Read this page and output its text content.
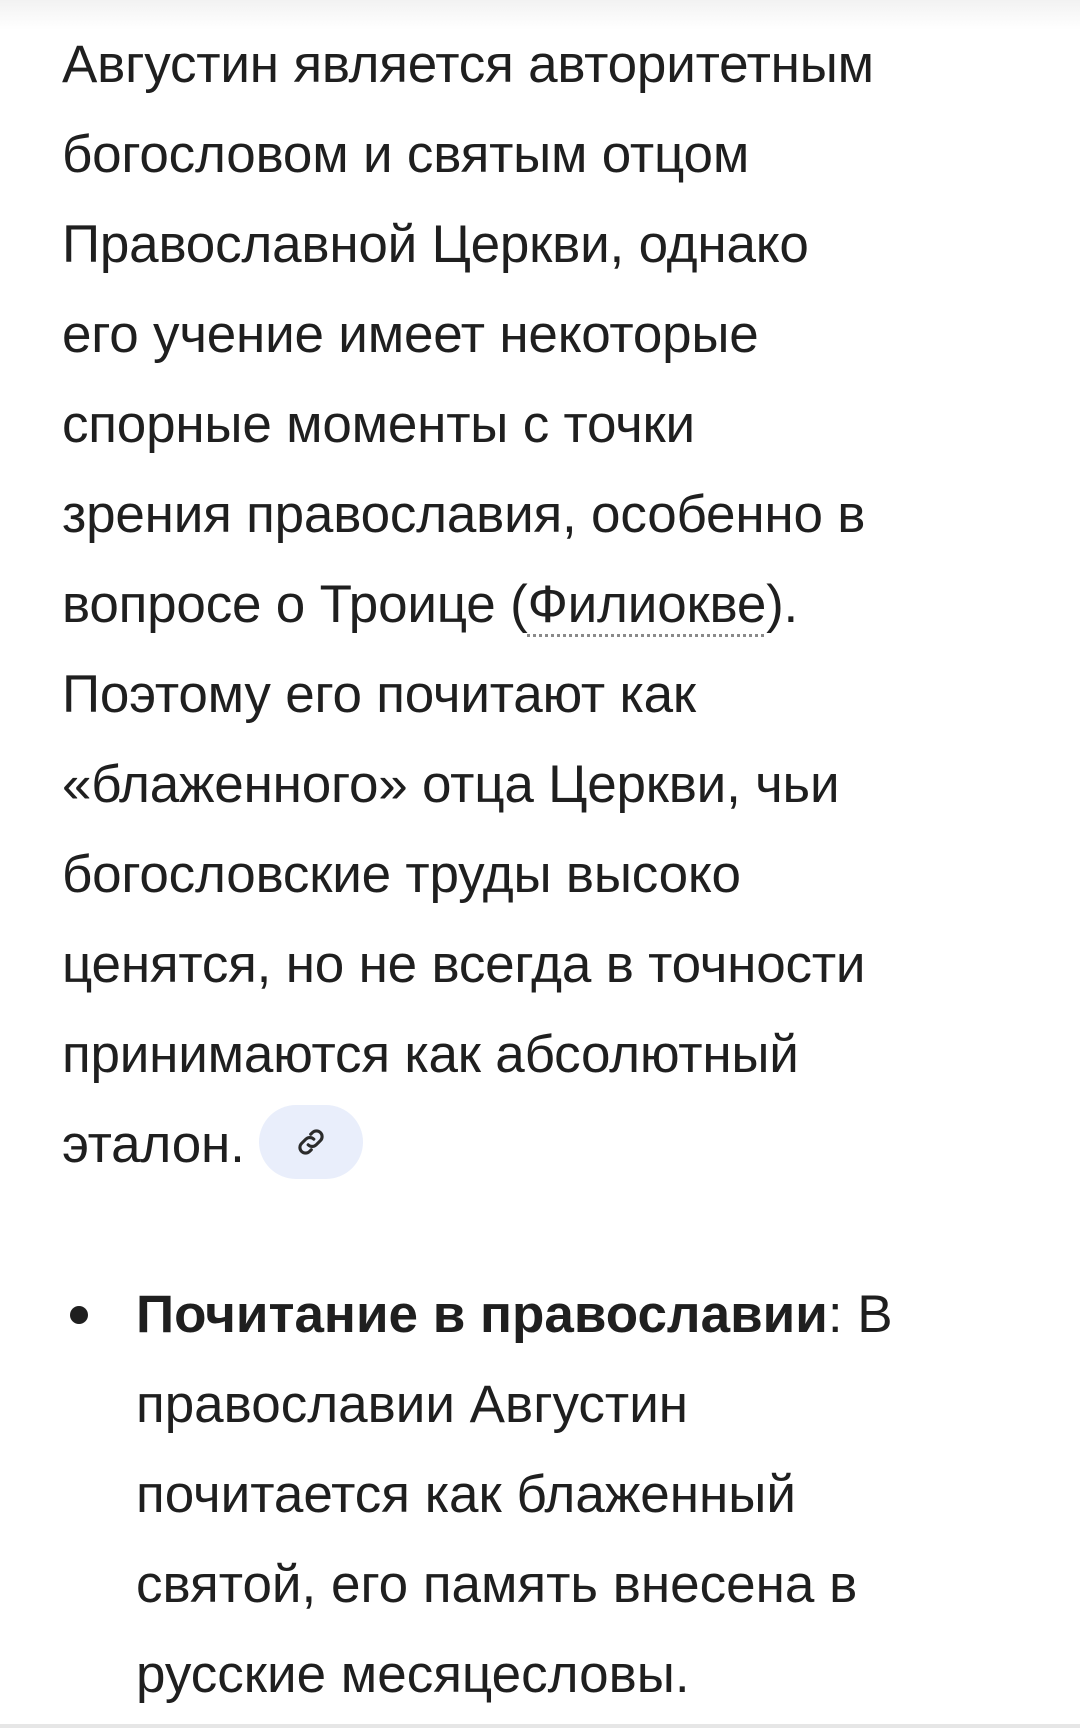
Августин является авторитетным
богословом и святым отцом
Православной Церкви, однако
его учение имеет некоторые
спорные моменты с точки
зрения православия, особенно в
вопросе о Троице (Филиокве).
Поэтому его почитают как
«блаженного» отца Церкви, чьи
богословские труды высоко
ценятся, но не всегда в точности
принимаются как абсолютный
эталон.
Почитание в православии: В
православии Августин
почитается как блаженный
святой, его память внесена в
русские месяцесловы.
